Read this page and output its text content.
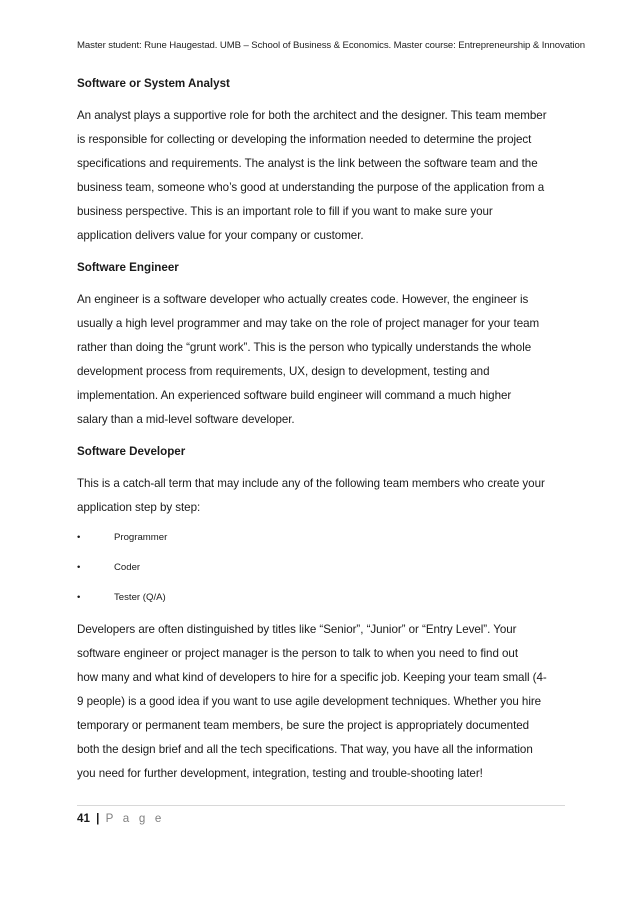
Master student: Rune Haugestad. UMB – School of Business & Economics. Master course: Entrepreneurship & Innovation
Software or System Analyst
An analyst plays a supportive role for both the architect and the designer. This team member
is responsible for collecting or developing the information needed to determine the project
specifications and requirements. The analyst is the link between the software team and the
business team, someone who’s good at understanding the purpose of the application from a
business perspective. This is an important role to fill if you want to make sure your
application delivers value for your company or customer.
Software Engineer
An engineer is a software developer who actually creates code. However, the engineer is
usually a high level programmer and may take on the role of project manager for your team
rather than doing the “grunt work”. This is the person who typically understands the whole
development process from requirements, UX, design to development, testing and
implementation. An experienced software build engineer will command a much higher
salary than a mid-level software developer.
Software Developer
This is a catch-all term that may include any of the following team members who create your
application step by step:
•	Programmer
•	Coder
•	Tester (Q/A)
Developers are often distinguished by titles like “Senior”, “Junior” or “Entry Level”. Your
software engineer or project manager is the person to talk to when you need to find out
how many and what kind of developers to hire for a specific job. Keeping your team small (4-
9 people) is a good idea if you want to use agile development techniques. Whether you hire
temporary or permanent team members, be sure the project is appropriately documented
both the design brief and all the tech specifications. That way, you have all the information
you need for further development, integration, testing and trouble-shooting later!
41 | P a g e
